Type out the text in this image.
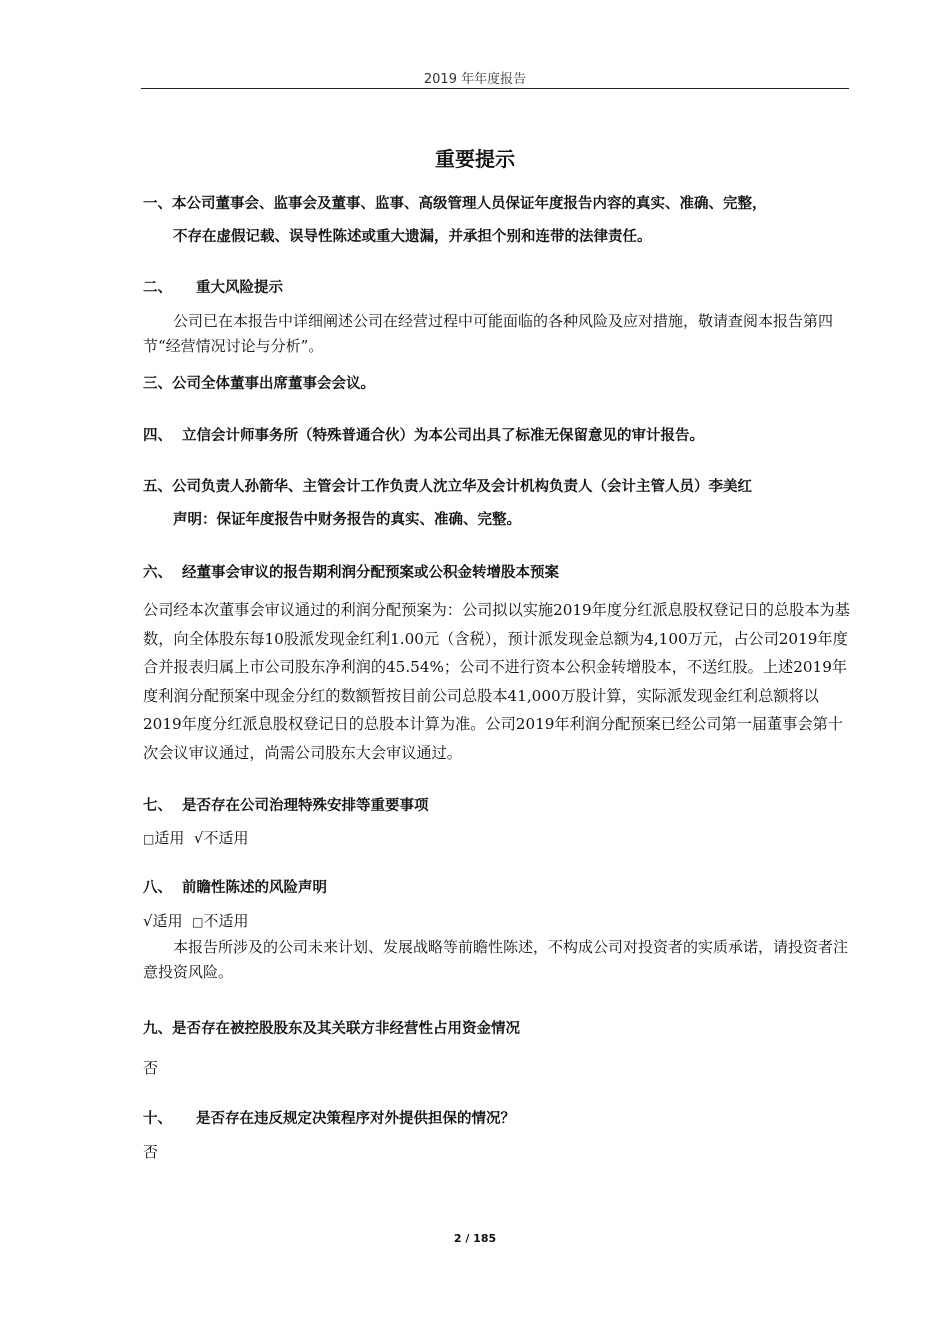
2019 年年度报告
重要提示
一、本公司董事会、监事会及董事、监事、高级管理人员保证年度报告内容的真实、准确、完整，
不存在虚假记载、误导性陈述或重大遗漏，并承担个别和连带的法律责任。
二、 重大风险提示
公司已在本报告中详细阐述公司在经营过程中可能面临的各种风险及应对措施，敬请查阅本报告第四节“经营情况讨论与分析”。
三、公司全体董事出席董事会会议。
四、 立信会计师事务所（特殊普通合伙）为本公司出具了标准无保留意见的审计报告。
五、公司负责人孙箭华、主管会计工作负责人沈立华及会计机构负责人（会计主管人员）李美红
声明：保证年度报告中财务报告的真实、准确、完整。
六、 经董事会审议的报告期利润分配预案或公积金转增股本预案
公司经本次董事会审议通过的利润分配预案为：公司拟以实施2019年度分红派息股权登记日的总股本为基数，向全体股东每10股派发现金红利1.00元（含税），预计派发现金总额为4,100万元，占公司2019年度合并报表归属上市公司股东净利润的45.54%；公司不进行资本公积金转增股本，不送红股。上述2019年度利润分配预案中现金分红的数额暂按目前公司总股本41,000万股计算，实际派发现金红利总额将以2019年度分红派息股权登记日的总股本计算为准。公司2019年利润分配预案已经公司第一届董事会第十次会议审议通过，尚需公司股东大会审议通过。
七、 是否存在公司治理特殊安排等重要事项
□适用 √不适用
八、 前瞻性陈述的风险声明
√适用 □不适用
本报告所涉及的公司未来计划、发展战略等前瞻性陈述，不构成公司对投资者的实质承诺，请投资者注意投资风险。
九、是否存在被控股股东及其关联方非经营性占用资金情况
否
十、 是否存在违反规定决策程序对外提供担保的情况？
否
2 / 185
